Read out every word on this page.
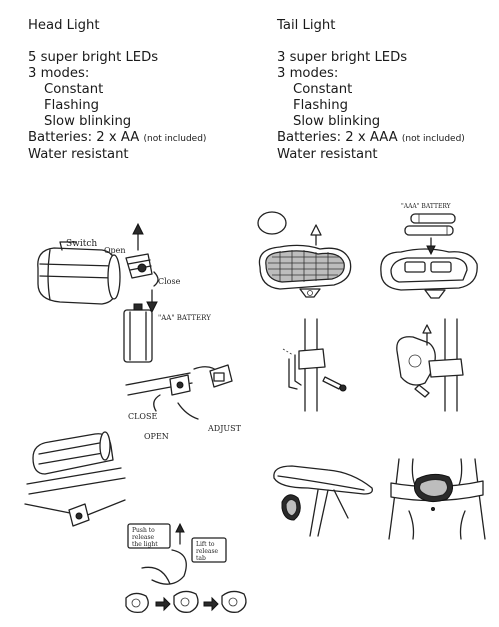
Head Light
5 super bright LEDs
3 modes:
Constant
Flashing
Slow blinking
Batteries: 2 x AA (not included)
Water resistant
Tail Light
3 super bright LEDs
3 modes:
Constant
Flashing
Slow blinking
Batteries: 2 x AAA (not included)
Water resistant
Switch
Open
Close
"AA" BATTERY
CLOSE
OPEN
ADJUST
Push to
release
the light	Lift to
release
tab
"AAA" BATTERY
